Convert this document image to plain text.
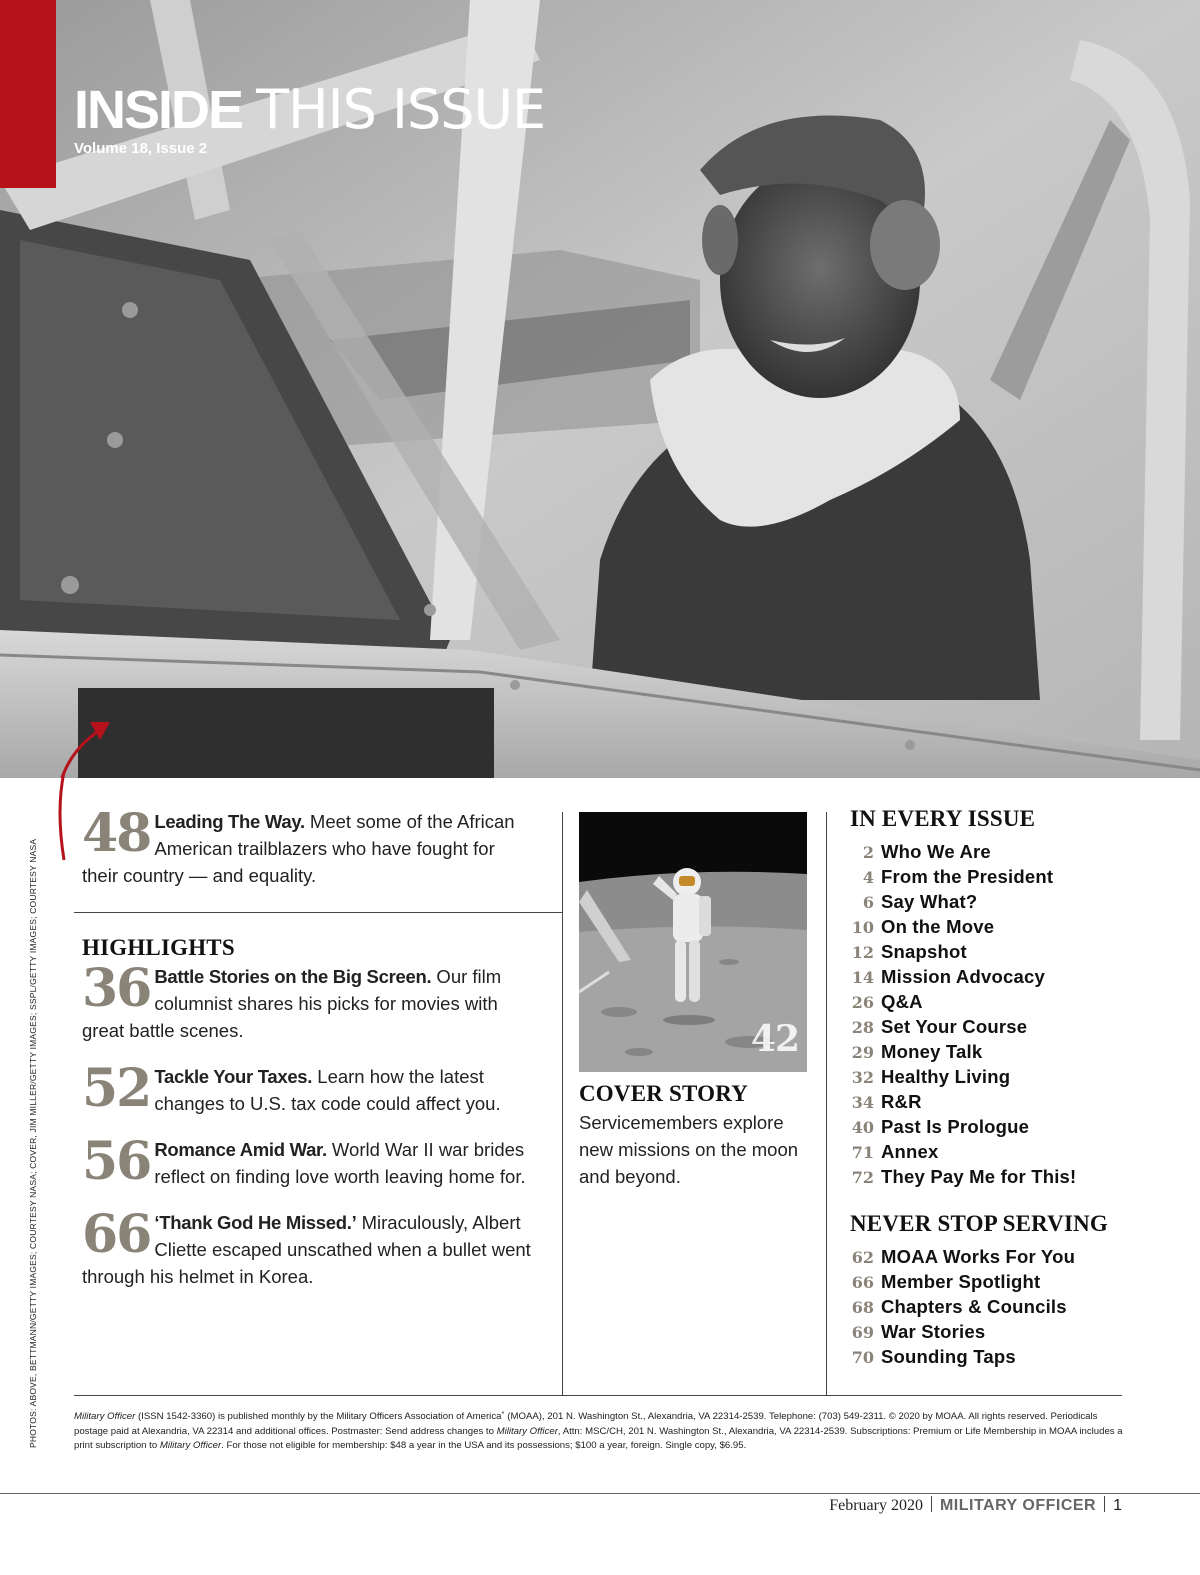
INSIDE THIS ISSUE
Volume 18, Issue 2
PHOTOS: ABOVE, BETTMANN/GETTY IMAGES; COURTESY NASA; COVER, JIM MILLER/GETTY IMAGES; SSPL/GETTY IMAGES; COURTESY NASA
48 Leading The Way. Meet some of the African American trailblazers who have fought for their country — and equality.
HIGHLIGHTS
36 Battle Stories on the Big Screen. Our film columnist shares his picks for movies with great battle scenes.
52 Tackle Your Taxes. Learn how the latest changes to U.S. tax code could affect you.
56 Romance Amid War. World War II war brides reflect on finding love worth leaving home for.
66 ‘Thank God He Missed.’ Miraculously, Albert Cliette escaped unscathed when a bullet went through his helmet in Korea.
42
COVER STORY
Servicemembers explore new missions on the moon and beyond.
IN EVERY ISSUE
2 Who We Are
4 From the President
6 Say What?
10 On the Move
12 Snapshot
14 Mission Advocacy
26 Q&A
28 Set Your Course
29 Money Talk
32 Healthy Living
34 R&R
40 Past Is Prologue
71 Annex
72 They Pay Me for This!
NEVER STOP SERVING
62 MOAA Works For You
66 Member Spotlight
68 Chapters & Councils
69 War Stories
70 Sounding Taps
Military Officer (ISSN 1542-3360) is published monthly by the Military Officers Association of America˚ (MOAA), 201 N. Washington St., Alexandria, VA 22314-2539. Telephone: (703) 549-2311. © 2020 by MOAA. All rights reserved. Periodicals postage paid at Alexandria, VA 22314 and additional offices. Postmaster: Send address changes to Military Officer, Attn: MSC/CH, 201 N. Washington St., Alexandria, VA 22314-2539. Subscriptions: Premium or Life Membership in MOAA includes a print subscription to Military Officer. For those not eligible for membership: $48 a year in the USA and its possessions; $100 a year, foreign. Single copy, $6.95.
February 2020 MILITARY OFFICER 1
